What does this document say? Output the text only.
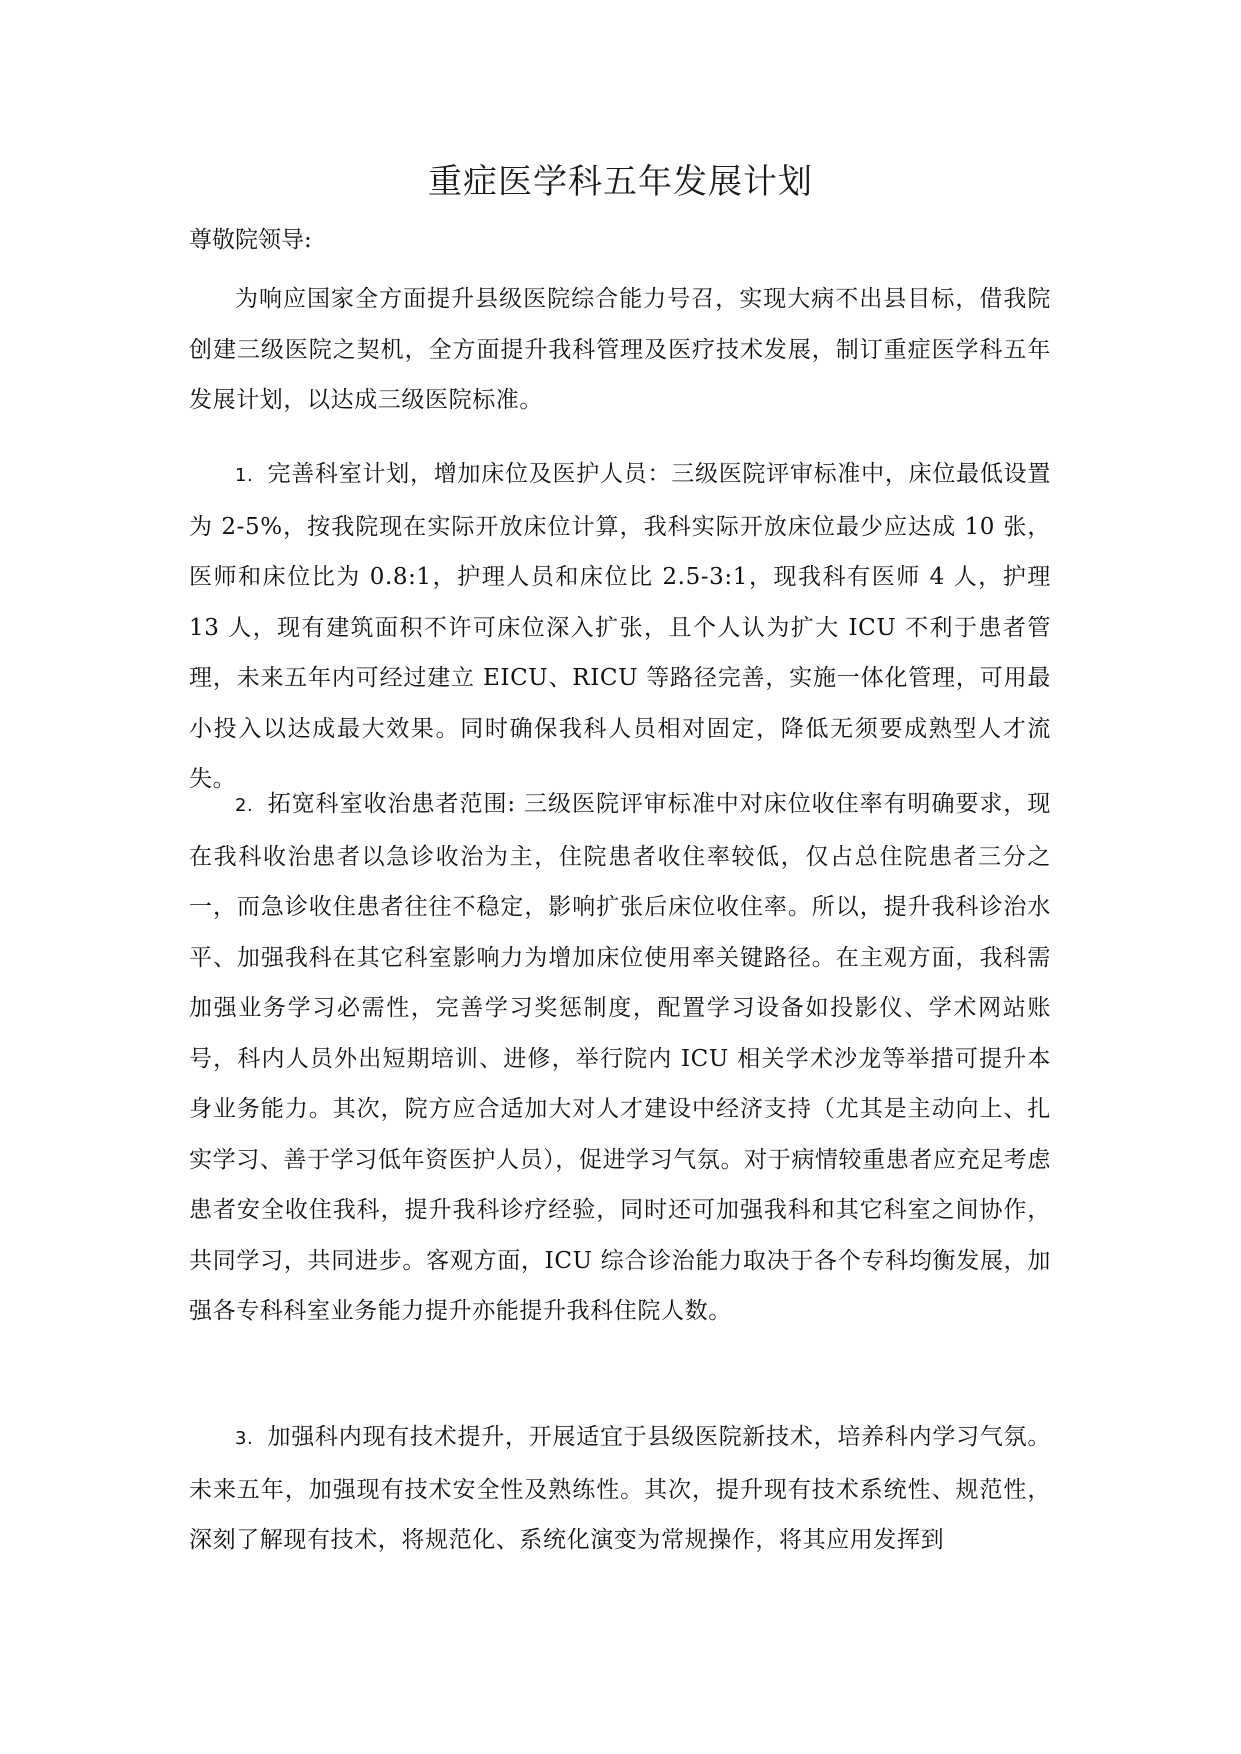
重症医学科五年发展计划
尊敬院领导:

为响应国家全方面提升县级医院综合能力号召，实现大病不出县目标，借我院创建三级医院之契机，全方面提升我科管理及医疗技术发展，制订重症医学科五年发展计划，以达成三级医院标准。

1. 完善科室计划，增加床位及医护人员：三级医院评审标准中，床位最低设置为 2-5%，按我院现在实际开放床位计算，我科实际开放床位最少应达成 10 张，医师和床位比为 0.8:1，护理人员和床位比 2.5-3:1，现我科有医师 4 人，护理 13 人，现有建筑面积不许可床位深入扩张，且个人认为扩大 ICU 不利于患者管理，未来五年内可经过建立 EICU、RICU 等路径完善，实施一体化管理，可用最小投入以达成最大效果。同时确保我科人员相对固定，降低无须要成熟型人才流失。

2. 拓宽科室收治患者范围: 三级医院评审标准中对床位收住率有明确要求，现在我科收治患者以急诊收治为主，住院患者收住率较低，仅占总住院患者三分之一，而急诊收住患者往往不稳定，影响扩张后床位收住率。所以，提升我科诊治水平、加强我科在其它科室影响力为增加床位使用率关键路径。在主观方面，我科需加强业务学习必需性，完善学习奖惩制度，配置学习设备如投影仪、学术网站账号，科内人员外出短期培训、进修，举行院内 ICU 相关学术沙龙等举措可提升本身业务能力。其次，院方应合适加大对人才建设中经济支持（尤其是主动向上、扎实学习、善于学习低年资医护人员），促进学习气氛。对于病情较重患者应充足考虑患者安全收住我科，提升我科诊疗经验，同时还可加强我科和其它科室之间协作，共同学习，共同进步。客观方面，ICU 综合诊治能力取决于各个专科均衡发展，加强各专科科室业务能力提升亦能提升我科住院人数。

3. 加强科内现有技术提升，开展适宜于县级医院新技术，培养科内学习气氛。未来五年，加强现有技术安全性及熟练性。其次，提升现有技术系统性、规范性，深刻了解现有技术，将规范化、系统化演变为常规操作，将其应用发挥到
